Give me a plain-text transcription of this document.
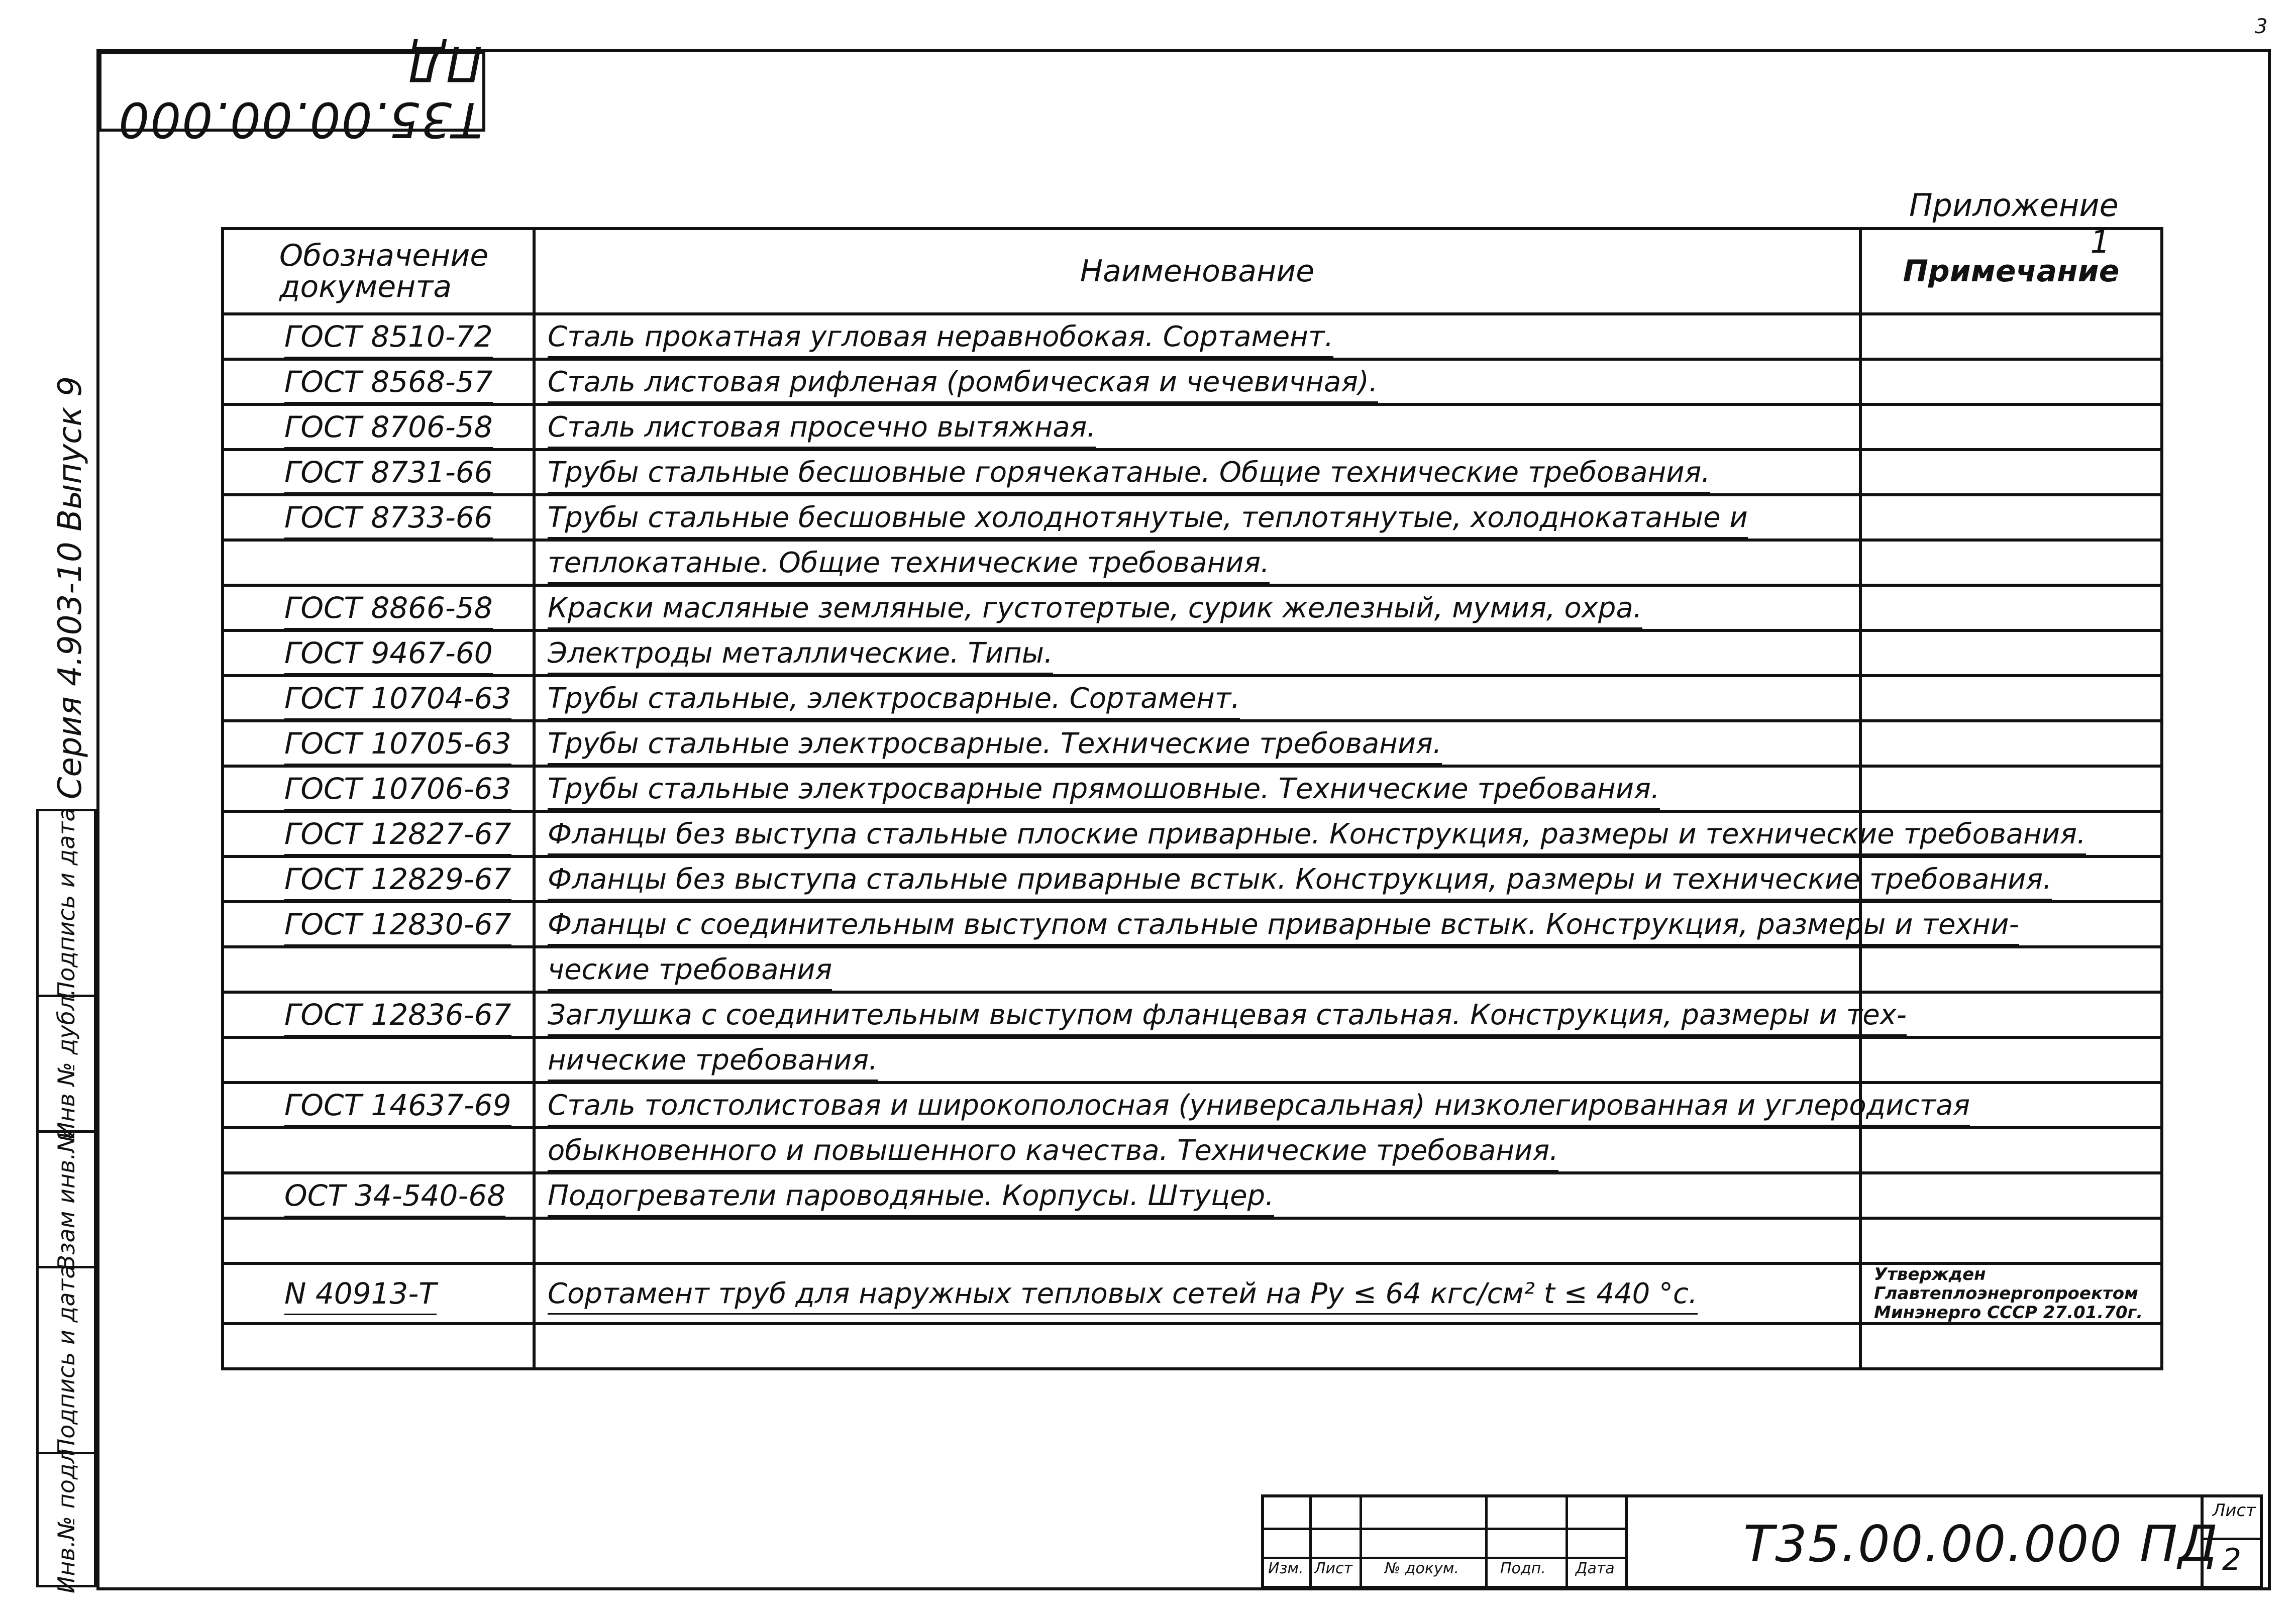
3
Т35.00.00.000 ПД
Серия 4.903-10 Выпуск 9
Подпись и дата
Инв № дубл.
Взам инв.№
Подпись и дата
Инв.№ подл
Приложение 1
Обозначение документа	Наименование	Примечание
ГОСТ 8510-72	Сталь прокатная угловая неравнобокая. Сортамент.	
ГОСТ 8568-57	Сталь листовая рифленая (ромбическая и чечевичная).	
ГОСТ 8706-58	Сталь листовая просечно вытяжная.	
ГОСТ 8731-66	Трубы стальные бесшовные горячекатаные. Общие технические требования.	
ГОСТ 8733-66	Трубы стальные бесшовные холоднотянутые, теплотянутые, холоднокатаные и	
	теплокатаные. Общие технические требования.	
ГОСТ 8866-58	Краски масляные земляные, густотертые, сурик железный, мумия, охра.	
ГОСТ 9467-60	Электроды металлические. Типы.	
ГОСТ 10704-63	Трубы стальные, электросварные. Сортамент.	
ГОСТ 10705-63	Трубы стальные электросварные. Технические требования.	
ГОСТ 10706-63	Трубы стальные электросварные прямошовные. Технические требования.	
ГОСТ 12827-67	Фланцы без выступа стальные плоские приварные. Конструкция, размеры и технические требования.	
ГОСТ 12829-67	Фланцы без выступа стальные приварные встык. Конструкция, размеры и технические требования.	
ГОСТ 12830-67	Фланцы с соединительным выступом стальные приварные встык. Конструкция, размеры и техни-	
	ческие требования	
ГОСТ 12836-67	Заглушка с соединительным выступом фланцевая стальная. Конструкция, размеры и тех-	
	нические требования.	
ГОСТ 14637-69	Сталь толстолистовая и широкополосная (универсальная) низколегированная и углеродистая	
	обыкновенного и повышенного качества. Технические требования.	
ОСТ 34-540-68	Подогреватели пароводяные. Корпусы. Штуцер.	

N 40913-Т	Сортамент труб для наружных тепловых сетей на Ру ≤ 64 кгс/см² t ≤ 440 °с.	Утвержден Главтеплоэнергопроектом Минэнерго СССР 27.01.70г.

Изм. Лист № докум.	Подп. Дата	Т35.00.00.000 ПД
Лист
2
